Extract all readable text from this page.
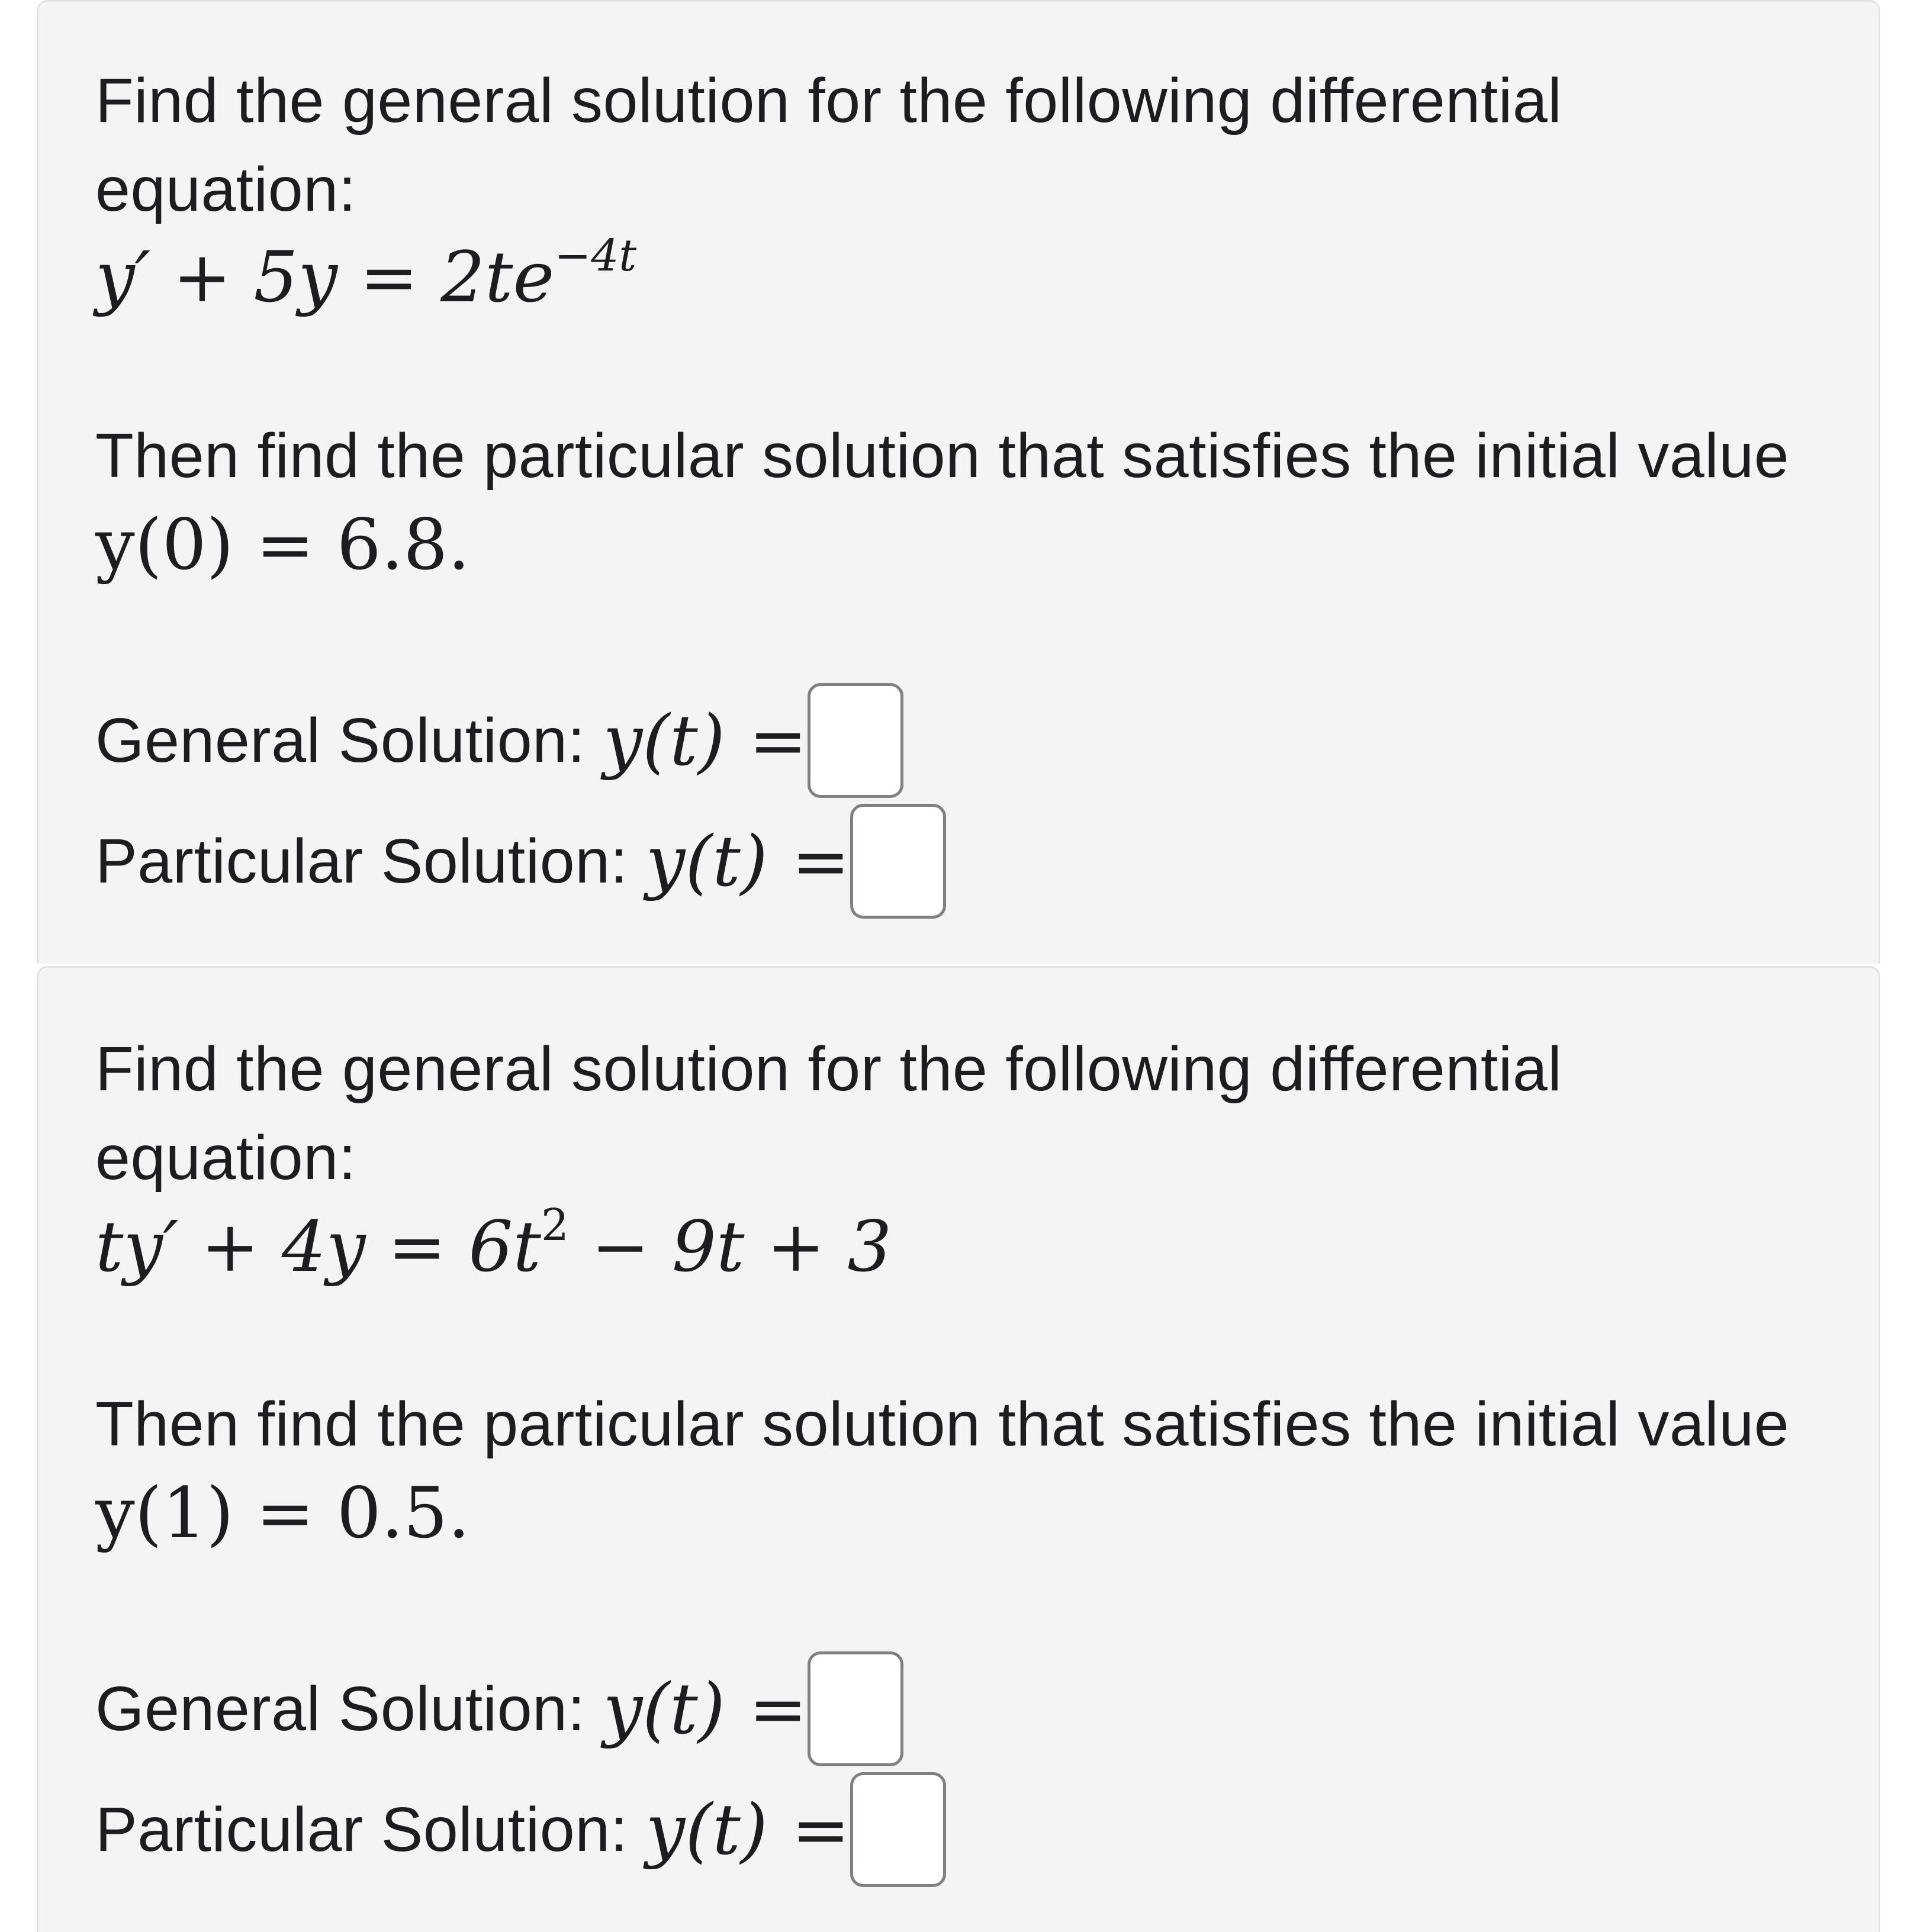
Find the general solution for the following differential
equation:
$y' + 5y = 2te^{-4t}$
Then find the particular solution that satisfies the initial value
y(0) = 6.8.
General Solution: y(t) =
Particular Solution: y(t) =
Find the general solution for the following differential
equation:
$ty' + 4y = 6t^2 - 9t + 3$
Then find the particular solution that satisfies the initial value
y(1) = 0.5.
General Solution: y(t) =
Particular Solution: y(t) =
